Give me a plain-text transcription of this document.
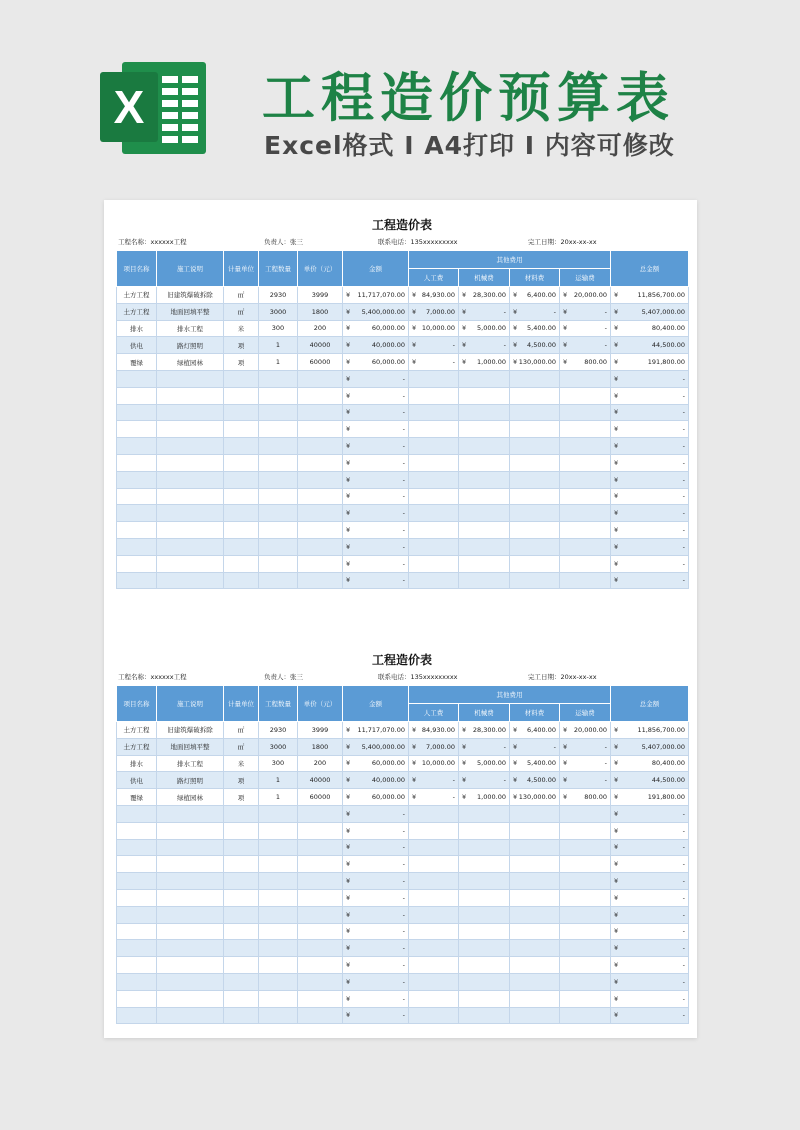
X 工程造价预算表
Excel格式 I A4打印 I 内容可修改
工程造价表
工程名称：xxxxxx工程	负责人：张三	联系电话：135xxxxxxxxx	完工日期：20xx-xx-xx
项目名称	施工说明	计量单位	工程数量	单价（元）	金额	其他费用				总金额
						人工费	机械费	材料费	运输费	
土方工程	旧建筑爆破拆除	㎡	2930	3999	¥ 11,717,070.00	¥ 84,930.00	¥ 28,300.00	¥ 6,400.00	¥ 20,000.00	¥ 11,856,700.00
土方工程	地面回填平整	㎡	3000	1800	¥ 5,400,000.00	¥ 7,000.00	¥ -	¥ -	¥ -	¥ 5,407,000.00
排水	排水工程	米	300	200	¥ 60,000.00	¥ 10,000.00	¥ 5,000.00	¥ 5,400.00	¥ -	¥ 80,400.00
供电	路灯照明	项	1	40000	¥ 40,000.00	¥ -	¥ -	¥ 4,500.00	¥ -	¥ 44,500.00
覆绿	绿植园林	项	1	60000	¥ 60,000.00	¥ -	¥ 1,000.00	¥ 130,000.00	¥ 800.00	¥ 191,800.00

					¥ -					¥ -

					¥ -					¥ -

					¥ -					¥ -

					¥ -					¥ -

					¥ -					¥ -

					¥ -					¥ -

					¥ -					¥ -

					¥ -					¥ -

					¥ -					¥ -

					¥ -					¥ -

					¥ -					¥ -

					¥ -					¥ -

					¥ -					¥ -
工程造价表
工程名称：xxxxxx工程	负责人：张三	联系电话：135xxxxxxxxx	完工日期：20xx-xx-xx
项目名称	施工说明	计量单位	工程数量	单价（元）	金额	其他费用				总金额
						人工费	机械费	材料费	运输费	
土方工程	旧建筑爆破拆除	㎡	2930	3999	¥ 11,717,070.00	¥ 84,930.00	¥ 28,300.00	¥ 6,400.00	¥ 20,000.00	¥ 11,856,700.00
土方工程	地面回填平整	㎡	3000	1800	¥ 5,400,000.00	¥ 7,000.00	¥ -	¥ -	¥ -	¥ 5,407,000.00
排水	排水工程	米	300	200	¥ 60,000.00	¥ 10,000.00	¥ 5,000.00	¥ 5,400.00	¥ -	¥ 80,400.00
供电	路灯照明	项	1	40000	¥ 40,000.00	¥ -	¥ -	¥ 4,500.00	¥ -	¥ 44,500.00
覆绿	绿植园林	项	1	60000	¥ 60,000.00	¥ -	¥ 1,000.00	¥ 130,000.00	¥ 800.00	¥ 191,800.00

					¥ -					¥ -

					¥ -					¥ -

					¥ -					¥ -

					¥ -					¥ -

					¥ -					¥ -

					¥ -					¥ -

					¥ -					¥ -

					¥ -					¥ -

					¥ -					¥ -

					¥ -					¥ -

					¥ -					¥ -

					¥ -					¥ -

					¥ -					¥ -
